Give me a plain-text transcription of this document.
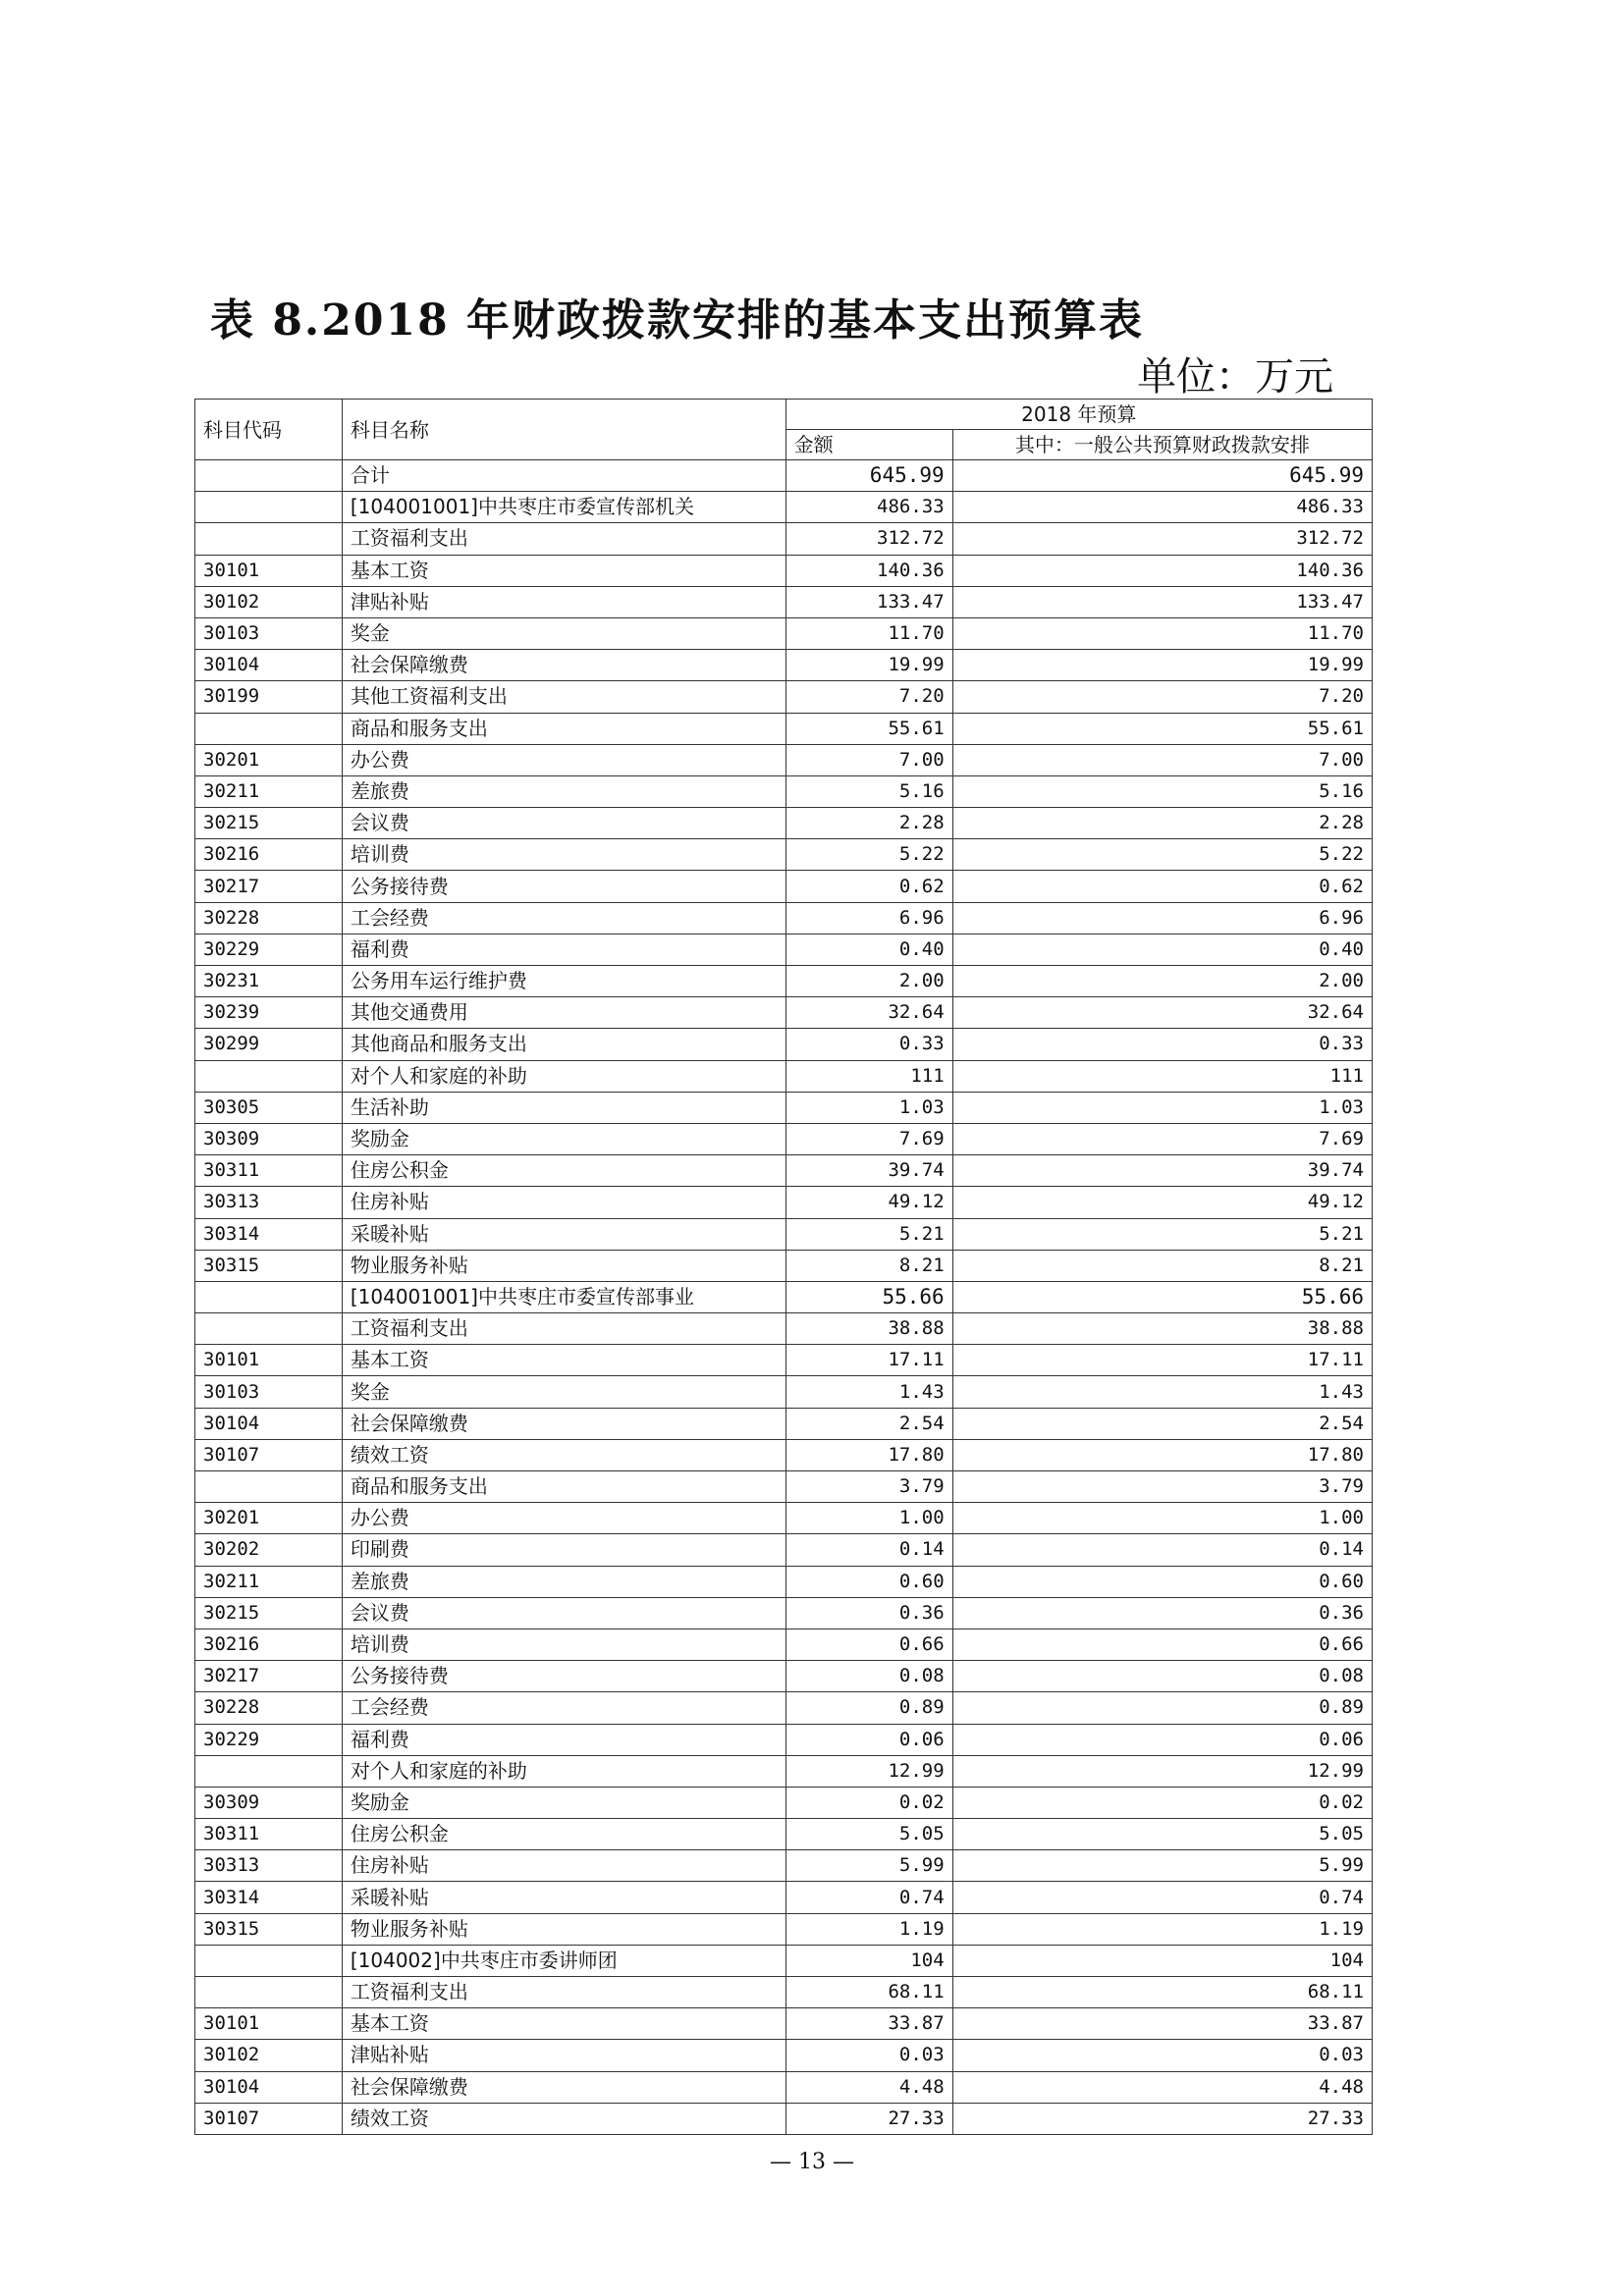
表 8.2018 年财政拨款安排的基本支出预算表
单位：万元
科目代码	科目名称	2018 年预算	
		金额	其中：一般公共预算财政拨款安排
	合计	645.99	645.99
	[104001001]中共枣庄市委宣传部机关	486.33	486.33
	工资福利支出	312.72	312.72
30101	基本工资	140.36	140.36
30102	津贴补贴	133.47	133.47
30103	奖金	11.70	11.70
30104	社会保障缴费	19.99	19.99
30199	其他工资福利支出	7.20	7.20
	商品和服务支出	55.61	55.61
30201	办公费	7.00	7.00
30211	差旅费	5.16	5.16
30215	会议费	2.28	2.28
30216	培训费	5.22	5.22
30217	公务接待费	0.62	0.62
30228	工会经费	6.96	6.96
30229	福利费	0.40	0.40
30231	公务用车运行维护费	2.00	2.00
30239	其他交通费用	32.64	32.64
30299	其他商品和服务支出	0.33	0.33
	对个人和家庭的补助	111	111
30305	生活补助	1.03	1.03
30309	奖励金	7.69	7.69
30311	住房公积金	39.74	39.74
30313	住房补贴	49.12	49.12
30314	采暖补贴	5.21	5.21
30315	物业服务补贴	8.21	8.21
	[104001001]中共枣庄市委宣传部事业	55.66	55.66
	工资福利支出	38.88	38.88
30101	基本工资	17.11	17.11
30103	奖金	1.43	1.43
30104	社会保障缴费	2.54	2.54
30107	绩效工资	17.80	17.80
	商品和服务支出	3.79	3.79
30201	办公费	1.00	1.00
30202	印刷费	0.14	0.14
30211	差旅费	0.60	0.60
30215	会议费	0.36	0.36
30216	培训费	0.66	0.66
30217	公务接待费	0.08	0.08
30228	工会经费	0.89	0.89
30229	福利费	0.06	0.06
	对个人和家庭的补助	12.99	12.99
30309	奖励金	0.02	0.02
30311	住房公积金	5.05	5.05
30313	住房补贴	5.99	5.99
30314	采暖补贴	0.74	0.74
30315	物业服务补贴	1.19	1.19
	[104002]中共枣庄市委讲师团	104	104
	工资福利支出	68.11	68.11
30101	基本工资	33.87	33.87
30102	津贴补贴	0.03	0.03
30104	社会保障缴费	4.48	4.48
30107	绩效工资	27.33	27.33
— 13 —
